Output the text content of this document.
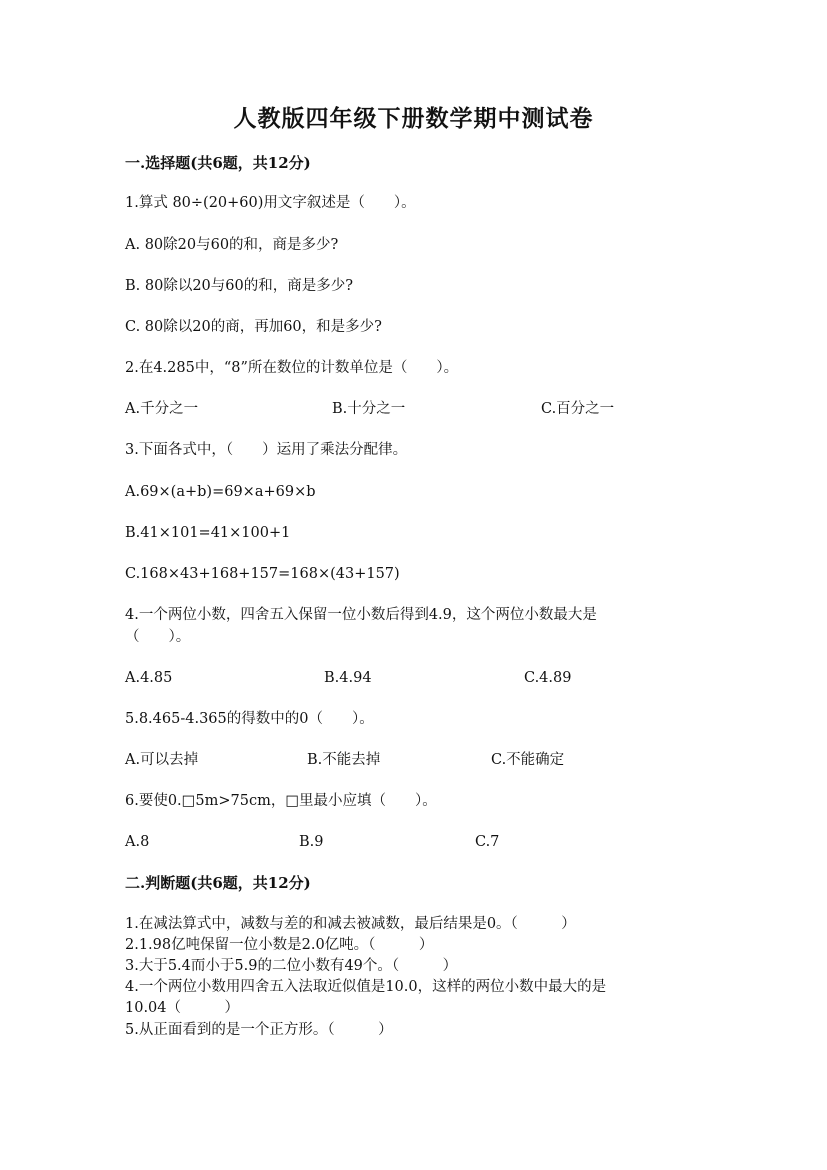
人教版四年级下册数学期中测试卷
一.选择题(共6题，共12分)
1.算式 80÷(20+60)用文字叙述是（　　）。
A. 80除20与60的和，商是多少?
B. 80除以20与60的和，商是多少?
C. 80除以20的商，再加60，和是多少?
2.在4.285中，“8”所在数位的计数单位是（　　）。
A.千分之一	B.十分之一	C.百分之一
3.下面各式中，（　　）运用了乘法分配律。
A.69×(a+b)=69×a+69×b
B.41×101=41×100+1
C.168×43+168+157=168×(43+157)
4.一个两位小数，四舍五入保留一位小数后得到4.9，这个两位小数最大是
（　　）。
A.4.85	B.4.94	C.4.89
5.8.465-4.365的得数中的0（　　）。
A.可以去掉	B.不能去掉	C.不能确定
6.要使0.□5m>75cm，□里最小应填（　　）。
A.8	B.9	C.7
二.判断题(共6题，共12分)
1.在减法算式中，减数与差的和减去被减数，最后结果是0。（　　　）
2.1.98亿吨保留一位小数是2.0亿吨。（　　　）
3.大于5.4而小于5.9的二位小数有49个。（　　　）
4.一个两位小数用四舍五入法取近似值是10.0，这样的两位小数中最大的是
10.04（　　　）
5.从正面看到的是一个正方形。（　　　）
